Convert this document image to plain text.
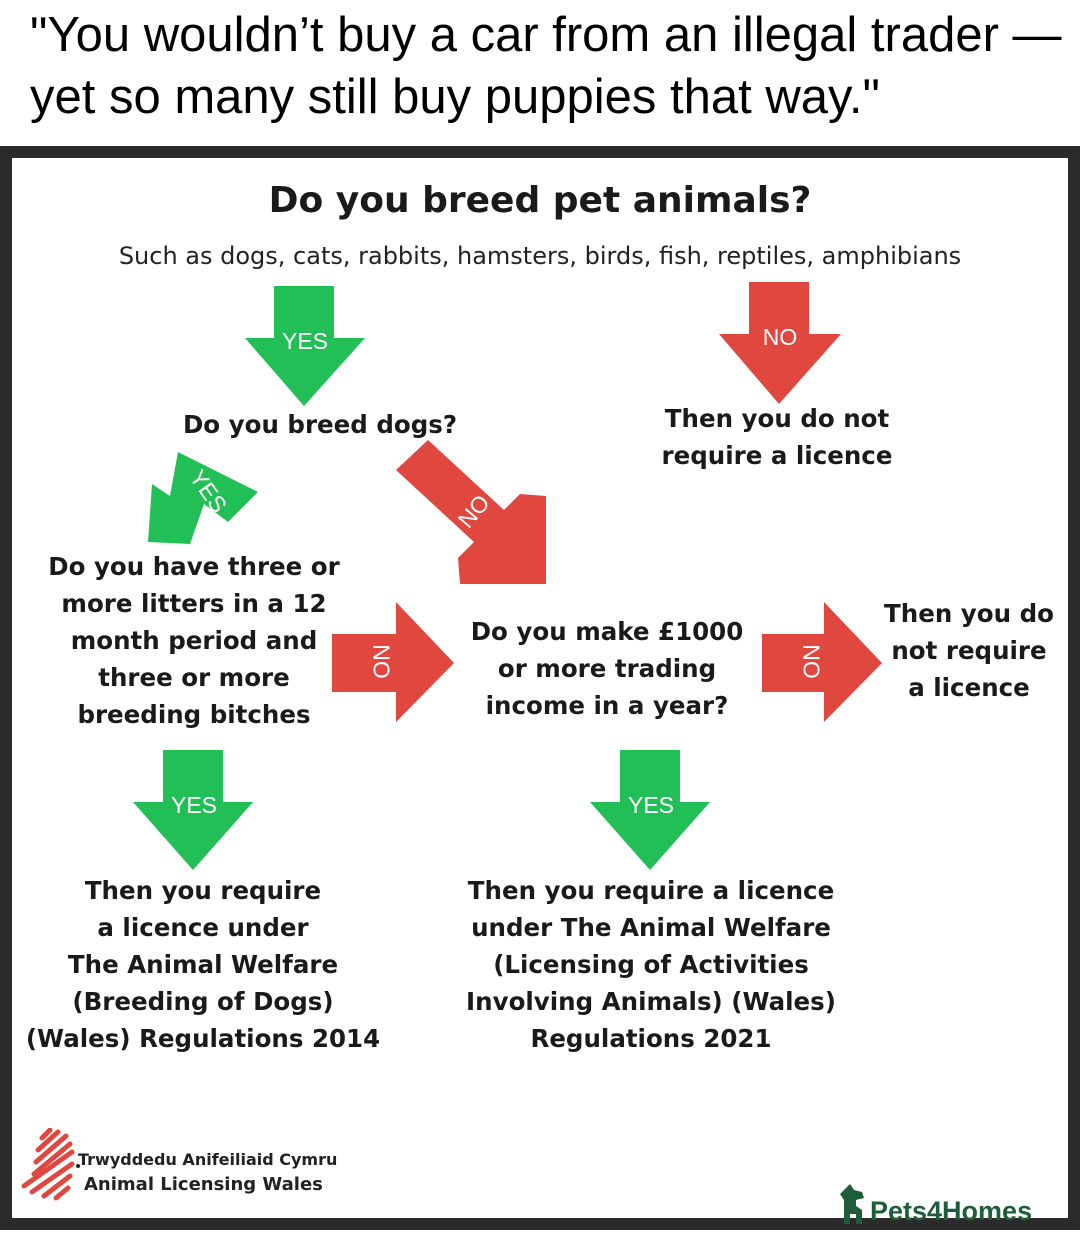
"You wouldn’t buy a car from an illegal trader — yet so many still buy puppies that way."
Do you breed pet animals?
Such as dogs, cats, rabbits, hamsters, birds, fish, reptiles, amphibians
YES	NO
Do you breed dogs?	Then you do not
require a licence
YES	NO
Do you have three or
more litters in a 12
month period and
three or more
breeding bitches
NO
Do you make £1000
or more trading
income in a year?
NO
Then you do
not require
a licence
YES	YES
Then you require
a licence under
The Animal Welfare
(Breeding of Dogs)
(Wales) Regulations 2014
Then you require a licence
under The Animal Welfare
(Licensing of Activities
Involving Animals) (Wales)
Regulations 2021
Trwyddedu Anifeiliaid Cymru
Animal Licensing Wales
Pets4Homes
